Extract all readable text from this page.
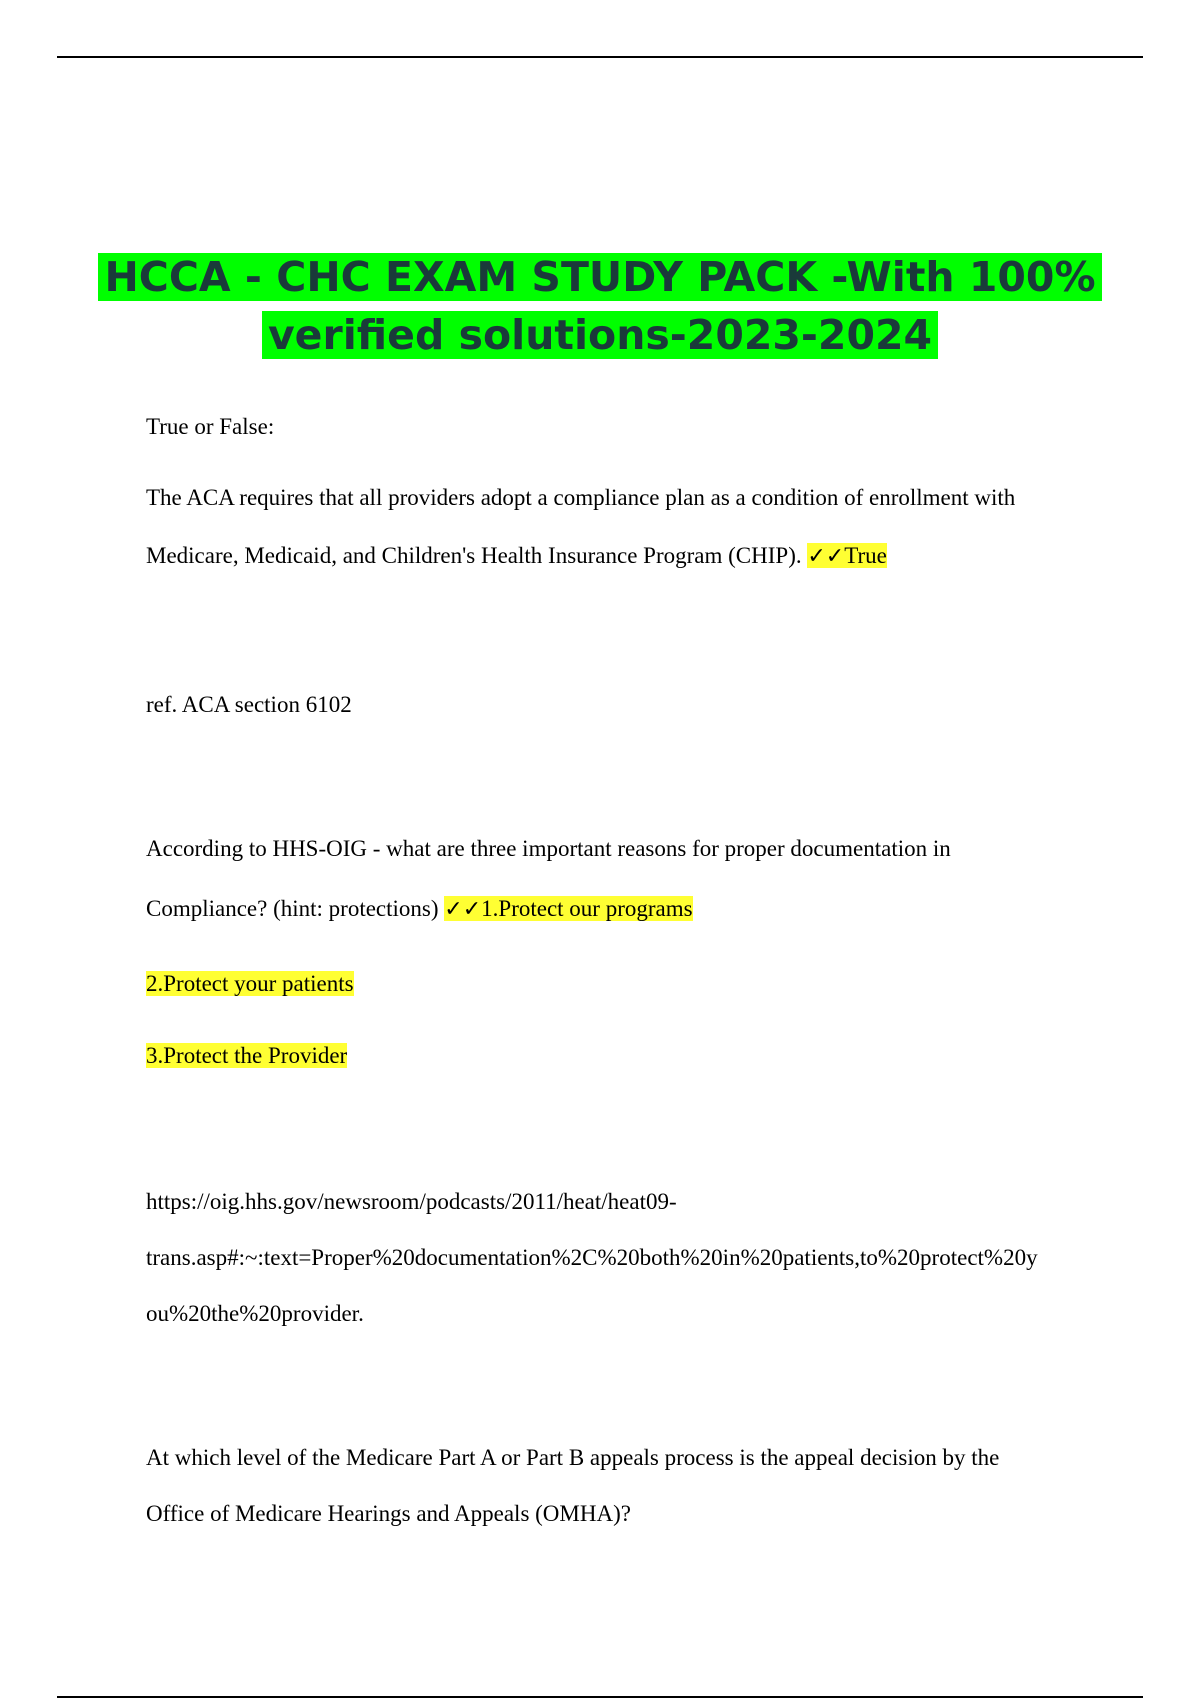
HCCA - CHC EXAM STUDY PACK -With 100%
verified solutions-2023-2024
True or False:
The ACA requires that all providers adopt a compliance plan as a condition of enrollment with
Medicare, Medicaid, and Children's Health Insurance Program (CHIP). ✓✓True
ref. ACA section 6102
According to HHS-OIG - what are three important reasons for proper documentation in
Compliance? (hint: protections) ✓✓1.Protect our programs
2.Protect your patients
3.Protect the Provider
https://oig.hhs.gov/newsroom/podcasts/2011/heat/heat09-
trans.asp#:~:text=Proper%20documentation%2C%20both%20in%20patients,to%20protect%20y
ou%20the%20provider.
At which level of the Medicare Part A or Part B appeals process is the appeal decision by the
Office of Medicare Hearings and Appeals (OMHA)?
